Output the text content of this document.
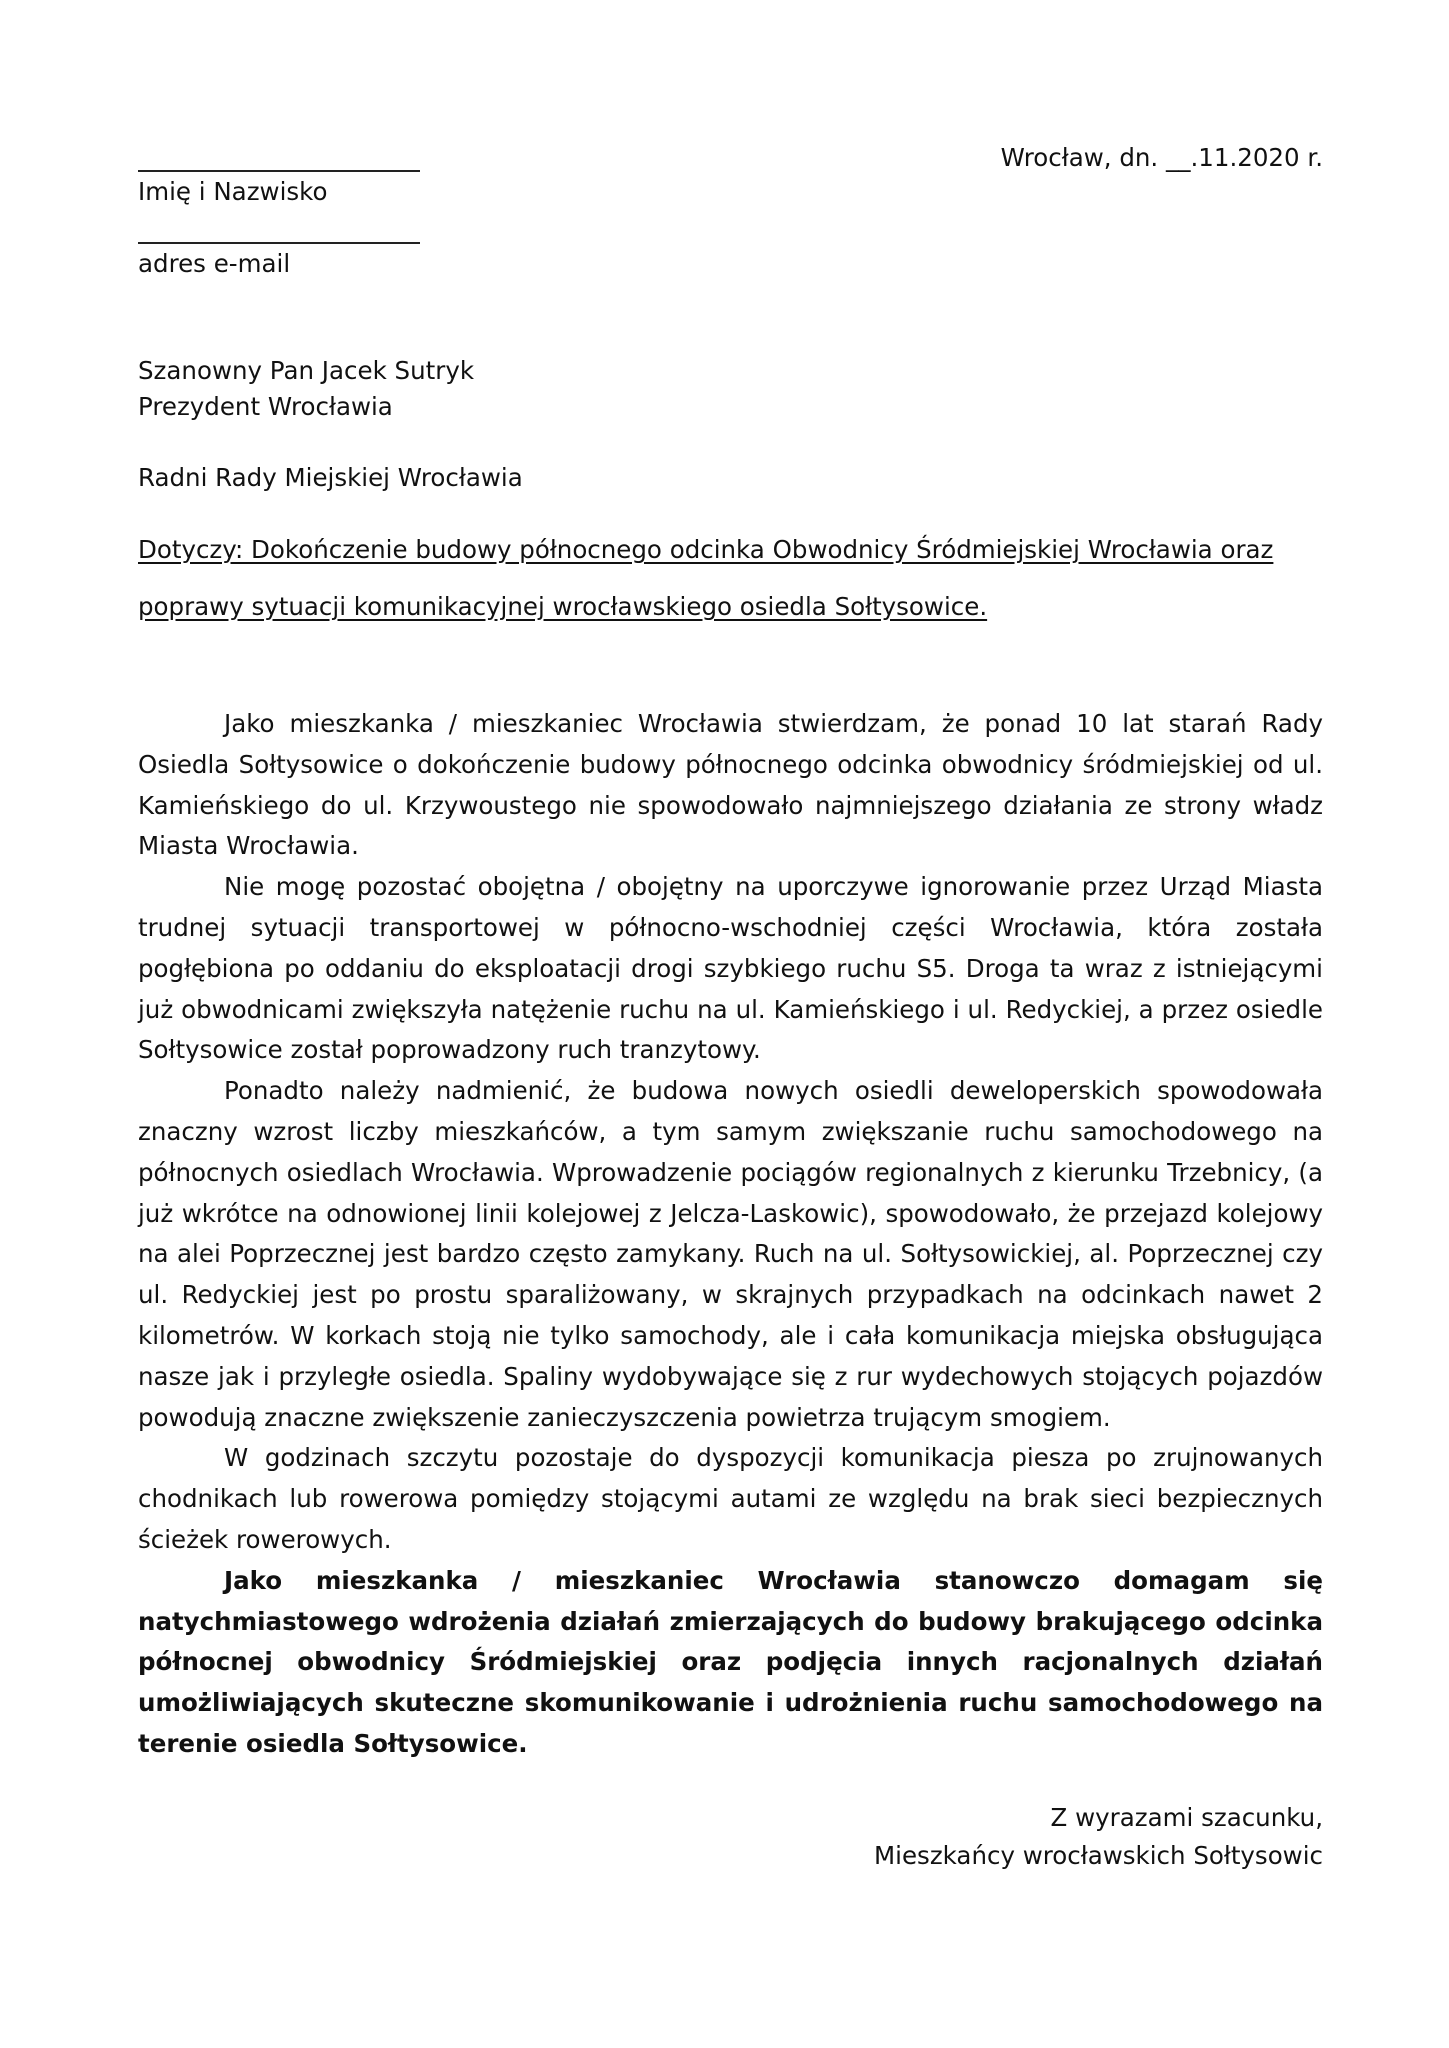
Wrocław, dn. __.11.2020 r.
Imię i Nazwisko
adres e-mail
Szanowny Pan Jacek Sutryk
Prezydent Wrocławia
Radni Rady Miejskiej Wrocławia
Dotyczy: Dokończenie budowy północnego odcinka Obwodnicy Śródmiejskiej Wrocławia oraz
poprawy sytuacji komunikacyjnej wrocławskiego osiedla Sołtysowice.

Jako mieszkanka / mieszkaniec Wrocławia stwierdzam, że ponad 10 lat starań Rady Osiedla Sołtysowice o dokończenie budowy północnego odcinka obwodnicy śródmiejskiej od ul. Kamieńskiego do ul. Krzywoustego nie spowodowało najmniejszego działania ze strony władz Miasta Wrocławia.

Nie mogę pozostać obojętna / obojętny na uporczywe ignorowanie przez Urząd Miasta trudnej sytuacji transportowej w północno-wschodniej części Wrocławia, która została pogłębiona po oddaniu do eksploatacji drogi szybkiego ruchu S5. Droga ta wraz z istniejącymi już obwodnicami zwiększyła natężenie ruchu na ul. Kamieńskiego i ul. Redyckiej, a przez osiedle Sołtysowice został poprowadzony ruch tranzytowy.

Ponadto należy nadmienić, że budowa nowych osiedli deweloperskich spowodowała znaczny wzrost liczby mieszkańców, a tym samym zwiększanie ruchu samochodowego na północnych osiedlach Wrocławia. Wprowadzenie pociągów regionalnych z kierunku Trzebnicy, (a już wkrótce na odnowionej linii kolejowej z Jelcza-Laskowic), spowodowało, że przejazd kolejowy na alei Poprzecznej jest bardzo często zamykany. Ruch na ul. Sołtysowickiej, al. Poprzecznej czy ul. Redyckiej jest po prostu sparaliżowany, w skrajnych przypadkach na odcinkach nawet 2 kilometrów. W korkach stoją nie tylko samochody, ale i cała komunikacja miejska obsługująca nasze jak i przyległe osiedla. Spaliny wydobywające się z rur wydechowych stojących pojazdów powodują znaczne zwiększenie zanieczyszczenia powietrza trującym smogiem.

W godzinach szczytu pozostaje do dyspozycji komunikacja piesza po zrujnowanych chodnikach lub rowerowa pomiędzy stojącymi autami ze względu na brak sieci bezpiecznych ścieżek rowerowych.

Jako mieszkanka / mieszkaniec Wrocławia stanowczo domagam się natychmiastowego wdrożenia działań zmierzających do budowy brakującego odcinka północnej obwodnicy Śródmiejskiej oraz podjęcia innych racjonalnych działań umożliwiających skuteczne skomunikowanie i udrożnienia ruchu samochodowego na terenie osiedla Sołtysowice.

Z wyrazami szacunku,
Mieszkańcy wrocławskich Sołtysowic
